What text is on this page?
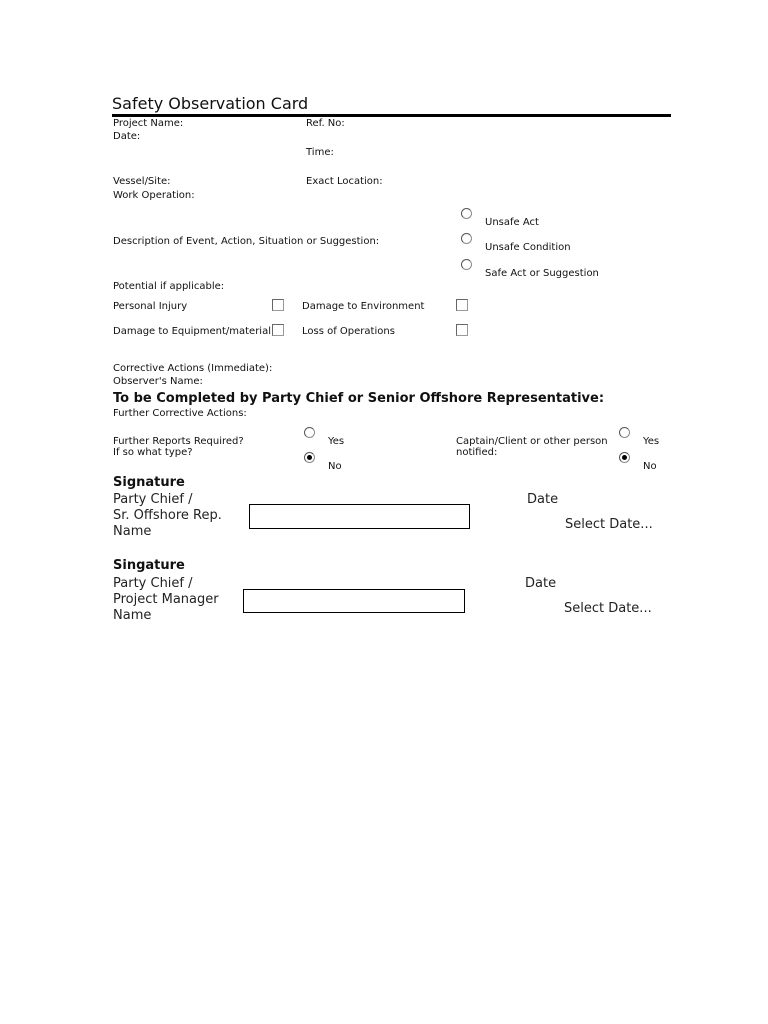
Safety Observation Card
Project Name:	Ref. No:
Date:
Time:
Vessel/Site:	Exact Location:
Work Operation:
Description of Event, Action, Situation or Suggestion:
Unsafe Act
Unsafe Condition
Safe Act or Suggestion
Potential if applicable:
Personal Injury	Damage to Environment
Damage to Equipment/material	Loss of Operations
Corrective Actions (Immediate):
Observer's Name:
To be Completed by Party Chief or Senior Offshore Representative:
Further Corrective Actions:
Further Reports Required?
If so what type?
Yes
No
Captain/Client or other person
notified:
Yes
No
Signature
Party Chief /
Sr. Offshore Rep.
Name
Date
Select Date...
Singature
Party Chief /
Project Manager
Name
Date
Select Date...
